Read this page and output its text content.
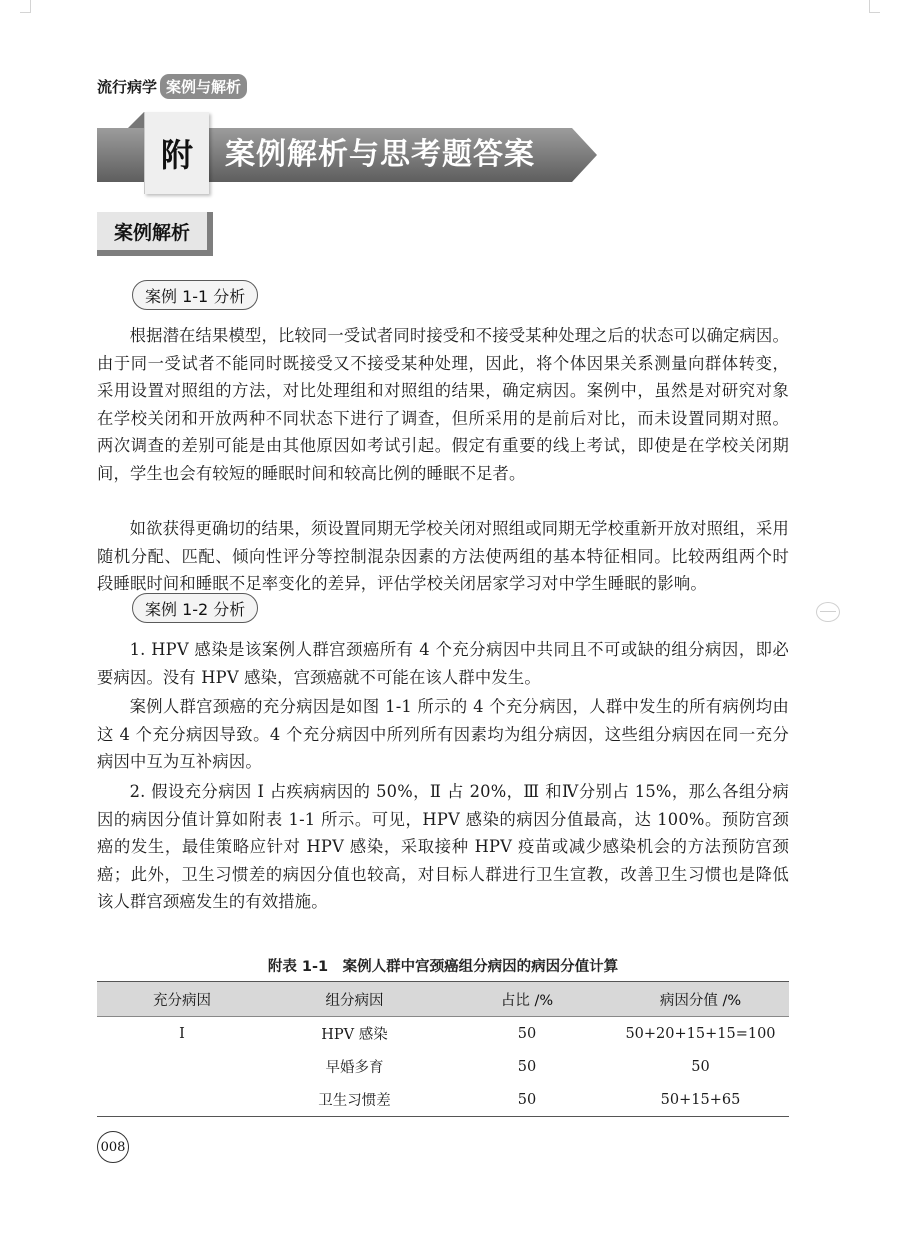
流行病学 案例与解析
附	案例解析与思考题答案
案例解析
案例 1-1 分析

根据潜在结果模型，比较同一受试者同时接受和不接受某种处理之后的状态可以确定病因。由于同一受试者不能同时既接受又不接受某种处理，因此，将个体因果关系测量向群体转变，采用设置对照组的方法，对比处理组和对照组的结果，确定病因。案例中，虽然是对研究对象在学校关闭和开放两种不同状态下进行了调查，但所采用的是前后对比，而未设置同期对照。两次调查的差别可能是由其他原因如考试引起。假定有重要的线上考试，即使是在学校关闭期间，学生也会有较短的睡眠时间和较高比例的睡眠不足者。

如欲获得更确切的结果，须设置同期无学校关闭对照组或同期无学校重新开放对照组，采用随机分配、匹配、倾向性评分等控制混杂因素的方法使两组的基本特征相同。比较两组两个时段睡眠时间和睡眠不足率变化的差异，评估学校关闭居家学习对中学生睡眠的影响。

案例 1-2 分析

1. HPV 感染是该案例人群宫颈癌所有 4 个充分病因中共同且不可或缺的组分病因，即必要病因。没有 HPV 感染，宫颈癌就不可能在该人群中发生。

案例人群宫颈癌的充分病因是如图 1-1 所示的 4 个充分病因，人群中发生的所有病例均由这 4 个充分病因导致。4 个充分病因中所列所有因素均为组分病因，这些组分病因在同一充分病因中互为互补病因。

2. 假设充分病因 I 占疾病病因的 50%，Ⅱ 占 20%，Ⅲ 和Ⅳ分别占 15%，那么各组分病因的病因分值计算如附表 1-1 所示。可见，HPV 感染的病因分值最高，达 100%。预防宫颈癌的发生，最佳策略应针对 HPV 感染，采取接种 HPV 疫苗或减少感染机会的方法预防宫颈癌；此外，卫生习惯差的病因分值也较高，对目标人群进行卫生宣教，改善卫生习惯也是降低该人群宫颈癌发生的有效措施。

附表 1-1　案例人群中宫颈癌组分病因的病因分值计算
充分病因	组分病因	占比 /%	病因分值 /%
I	HPV 感染	50	50+20+15+15=100
	早婚多育	50	50
	卫生习惯差	50	50+15+65
008
